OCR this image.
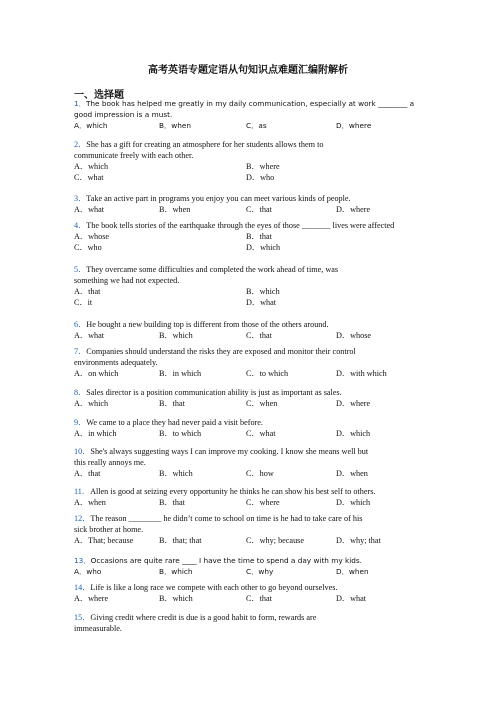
高考英语专题定语从句知识点难题汇编附解析
一、选择题
1．The book has helped me greatly in my daily communication, especially at work ________ a
good impression is a must.
A．which	B．when	C．as	D．where
2．She has a gift for creating an atmosphere for her students allows them to
communicate freely with each other.
A．which	B．where
C．what	D．who
3．Take an active part in programs you enjoy you can meet various kinds of people.
A．what	B．when	C．that	D．where
4．The book tells stories of the earthquake through the eyes of those _______ lives were affected
A．whose	B．that
C．who	D．which
5．They overcame some difficulties and completed the work ahead of time, was
something we had not expected.
A．that	B．which
C．it	D．what
6．He bought a new building top is different from those of the others around.
A．what	B．which	C．that	D．whose
7．Companies should understand the risks they are exposed and monitor their control
environments adequately.
A．on which	B．in which	C．to which	D．with which
8．Sales director is a position communication ability is just as important as sales.
A．which	B．that	C．when	D．where
9．We came to a place they had never paid a visit before.
A．in which	B．to which	C．what	D．which
10．She's always suggesting ways I can improve my cooking. I know she means well but
this really annoys me.
A．that	B．which	C．how	D．when
11．Allen is good at seizing every opportunity he thinks he can show his best self to others.
A．when	B．that	C．where	D．which
12．The reason ________ he didn’t come to school on time is he had to take care of his
sick brother at home.
A．That; because	B．that; that	C．why; because	D．why; that
13．Occasions are quite rare ____ I have the time to spend a day with my kids.
A．who	B．which	C．why	D．when
14．Life is like a long race we compete with each other to go beyond ourselves.
A．where	B．which	C．that	D．what
15．Giving credit where credit is due is a good habit to form, rewards are
immeasurable.
